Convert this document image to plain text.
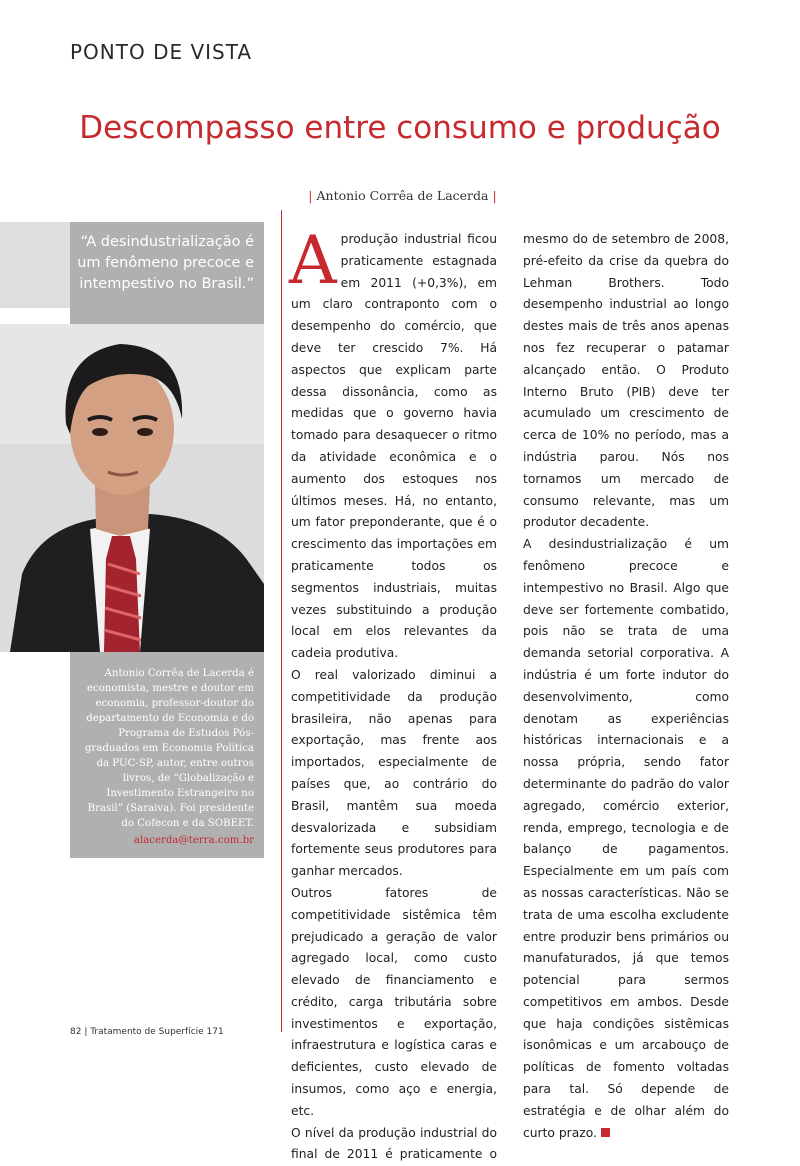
PONTO DE VISTA
Descompasso entre consumo e produção
| Antonio Corrêa de Lacerda |
“A desindustrialização é um fenômeno precoce e intempestivo no Brasil.”
Antonio Corrêa de Lacerda é economista, mestre e doutor em economia, professor-doutor do departamento de Economia e do Programa de Estudos Pós-graduados em Economia Política da PUC-SP, autor, entre outros livros, de “Globalização e Investimento Estrangeiro no Brasil” (Saraiva). Foi presidente do Cofecon e da SOBEET.
alacerda@terra.com.br

A produção industrial ficou praticamente estagnada em 2011 (+0,3%), em um claro contraponto com o desempenho do comércio, que deve ter crescido 7%. Há aspectos que explicam parte dessa dissonância, como as medidas que o governo havia tomado para desaquecer o ritmo da atividade econômica e o aumento dos estoques nos últimos meses. Há, no entanto, um fator preponderante, que é o crescimento das importações em praticamente todos os segmentos industriais, muitas vezes substituindo a produção local em elos relevantes da cadeia produtiva.

O real valorizado diminui a competitividade da produção brasileira, não apenas para exportação, mas frente aos importados, especialmente de países que, ao contrário do Brasil, mantêm sua moeda desvalorizada e subsidiam fortemente seus produtores para ganhar mercados.

Outros fatores de competitividade sistêmica têm prejudicado a geração de valor agregado local, como custo elevado de financiamento e crédito, carga tributária sobre investimentos e exportação, infraestrutura e logística caras e deficientes, custo elevado de insumos, como aço e energia, etc.

O nível da produção industrial do final de 2011 é praticamente o

mesmo do de setembro de 2008, pré-efeito da crise da quebra do Lehman Brothers. Todo desempenho industrial ao longo destes mais de três anos apenas nos fez recuperar o patamar alcançado então. O Produto Interno Bruto (PIB) deve ter acumulado um crescimento de cerca de 10% no período, mas a indústria parou. Nós nos tornamos um mercado de consumo relevante, mas um produtor decadente.

A desindustrialização é um fenômeno precoce e intempestivo no Brasil. Algo que deve ser fortemente combatido, pois não se trata de uma demanda setorial corporativa. A indústria é um forte indutor do desenvolvimento, como denotam as experiências históricas internacionais e a nossa própria, sendo fator determinante do padrão do valor agregado, comércio exterior, renda, emprego, tecnologia e de balanço de pagamentos. Especialmente em um país com as nossas características. Não se trata de uma escolha excludente entre produzir bens primários ou manufaturados, já que temos potencial para sermos competitivos em ambos. Desde que haja condições sistêmicas isonômicas e um arcabouço de políticas de fomento voltadas para tal. Só depende de estratégia e de olhar além do curto prazo.

82 | Tratamento de Superfície 171
